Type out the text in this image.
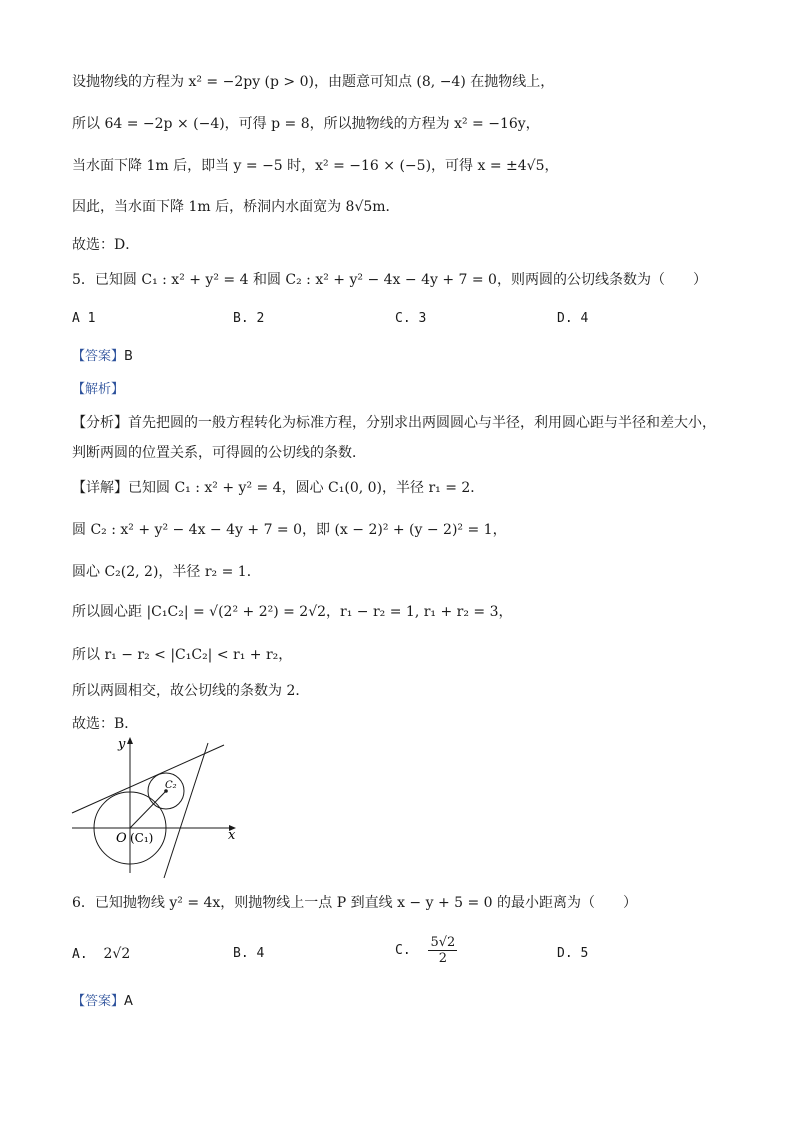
设抛物线的方程为 x² = −2py (p > 0)，由题意可知点 (8, −4) 在抛物线上，
所以 64 = −2p × (−4)，可得 p = 8，所以抛物线的方程为 x² = −16y，
当水面下降 1m 后，即当 y = −5 时，x² = −16 × (−5)，可得 x = ±4√5，
因此，当水面下降 1m 后，桥洞内水面宽为 8√5m．
故选：D．
5．已知圆 C₁ : x² + y² = 4 和圆 C₂ : x² + y² − 4x − 4y + 7 = 0，则两圆的公切线条数为（　　）
A 1	B. 2	C. 3	D. 4
【答案】B
【解析】
【分析】首先把圆的一般方程转化为标准方程，分别求出两圆圆心与半径，利用圆心距与半径和差大小，
判断两圆的位置关系，可得圆的公切线的条数．
【详解】已知圆 C₁ : x² + y² = 4，圆心 C₁(0, 0)，半径 r₁ = 2．
圆 C₂ : x² + y² − 4x − 4y + 7 = 0，即 (x − 2)² + (y − 2)² = 1，
圆心 C₂(2, 2)，半径 r₂ = 1．
所以圆心距 |C₁C₂| = √(2² + 2²) = 2√2，r₁ − r₂ = 1, r₁ + r₂ = 3，
所以 r₁ − r₂ < |C₁C₂| < r₁ + r₂，
所以两圆相交，故公切线的条数为 2．
故选：B．
y
x
O (C₁)
C₂
6．已知抛物线 y² = 4x，则抛物线上一点 P 到直线 x − y + 5 = 0 的最小距离为（　　）
A. 2√2	B. 4	C. $\frac{5√2}{2}$	D. 5
【答案】A
